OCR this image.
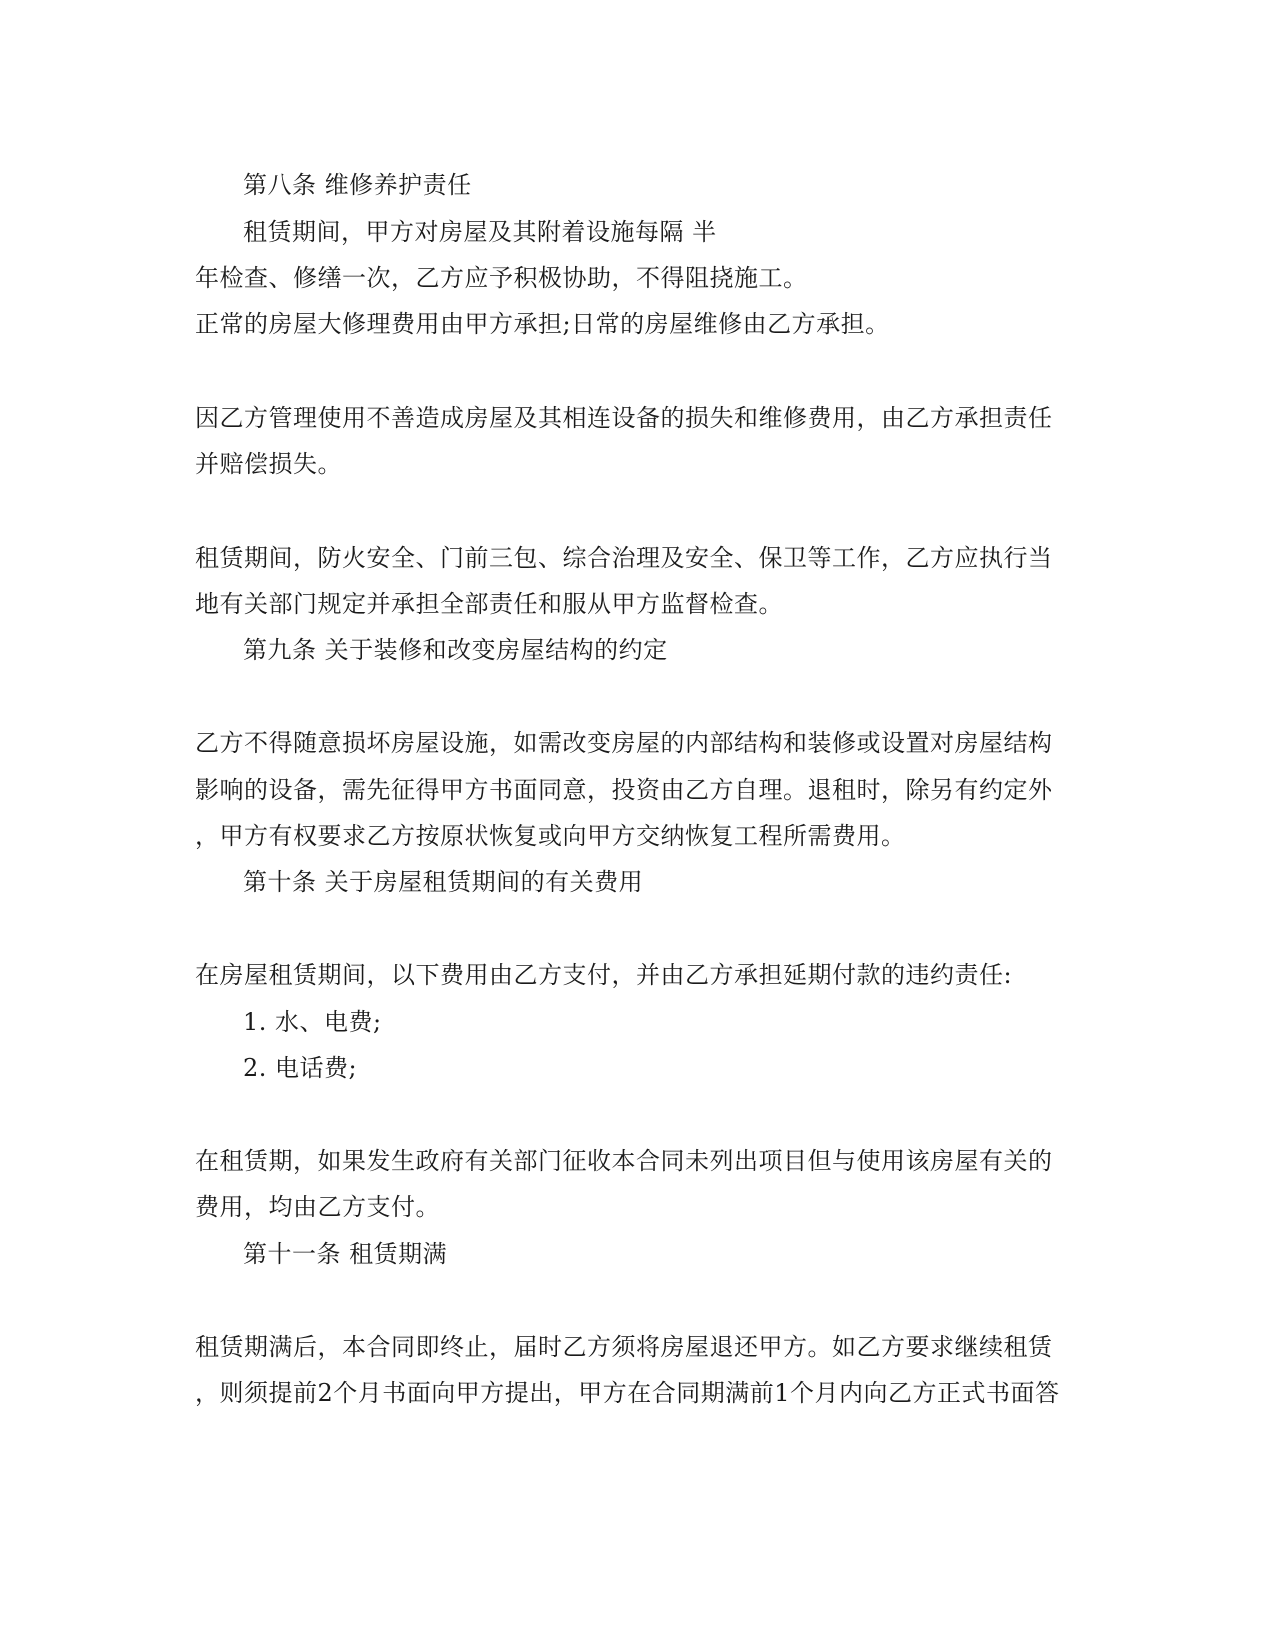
第八条 维修养护责任
租赁期间，甲方对房屋及其附着设施每隔 半
年检查、修缮一次，乙方应予积极协助，不得阻挠施工。
正常的房屋大修理费用由甲方承担;日常的房屋维修由乙方承担。
因乙方管理使用不善造成房屋及其相连设备的损失和维修费用，由乙方承担责任
并赔偿损失。
租赁期间，防火安全、门前三包、综合治理及安全、保卫等工作，乙方应执行当
地有关部门规定并承担全部责任和服从甲方监督检查。
第九条 关于装修和改变房屋结构的约定
乙方不得随意损坏房屋设施，如需改变房屋的内部结构和装修或设置对房屋结构
影响的设备，需先征得甲方书面同意，投资由乙方自理。退租时，除另有约定外
，甲方有权要求乙方按原状恢复或向甲方交纳恢复工程所需费用。
第十条 关于房屋租赁期间的有关费用
在房屋租赁期间，以下费用由乙方支付，并由乙方承担延期付款的违约责任:
1. 水、电费;
2. 电话费;
在租赁期，如果发生政府有关部门征收本合同未列出项目但与使用该房屋有关的
费用，均由乙方支付。
第十一条 租赁期满
租赁期满后，本合同即终止，届时乙方须将房屋退还甲方。如乙方要求继续租赁
，则须提前2个月书面向甲方提出，甲方在合同期满前1个月内向乙方正式书面答
